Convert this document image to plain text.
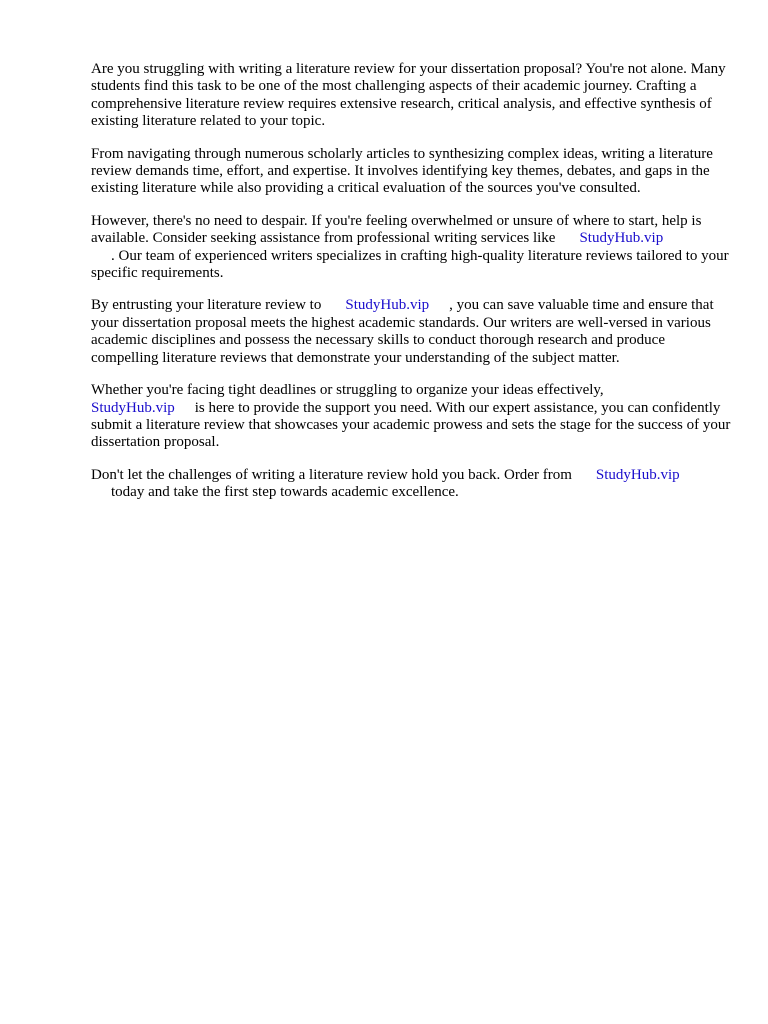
Are you struggling with writing a literature review for your dissertation proposal? You're not alone. Many students find this task to be one of the most challenging aspects of their academic journey. Crafting a comprehensive literature review requires extensive research, critical analysis, and effective synthesis of existing literature related to your topic.

From navigating through numerous scholarly articles to synthesizing complex ideas, writing a literature review demands time, effort, and expertise. It involves identifying key themes, debates, and gaps in the existing literature while also providing a critical evaluation of the sources you've consulted.

However, there's no need to despair. If you're feeling overwhelmed or unsure of where to start, help is available. Consider seeking assistance from professional writing services like StudyHub.vip
. Our team of experienced writers specializes in crafting high-quality literature reviews tailored to your specific requirements.

By entrusting your literature review to StudyHub.vip , you can save valuable time and ensure that your dissertation proposal meets the highest academic standards. Our writers are well-versed in various academic disciplines and possess the necessary skills to conduct thorough research and produce compelling literature reviews that demonstrate your understanding of the subject matter.

Whether you're facing tight deadlines or struggling to organize your ideas effectively,
StudyHub.vip is here to provide the support you need. With our expert assistance, you can confidently submit a literature review that showcases your academic prowess and sets the stage for the success of your dissertation proposal.

Don't let the challenges of writing a literature review hold you back. Order from StudyHub.vip
today and take the first step towards academic excellence.
